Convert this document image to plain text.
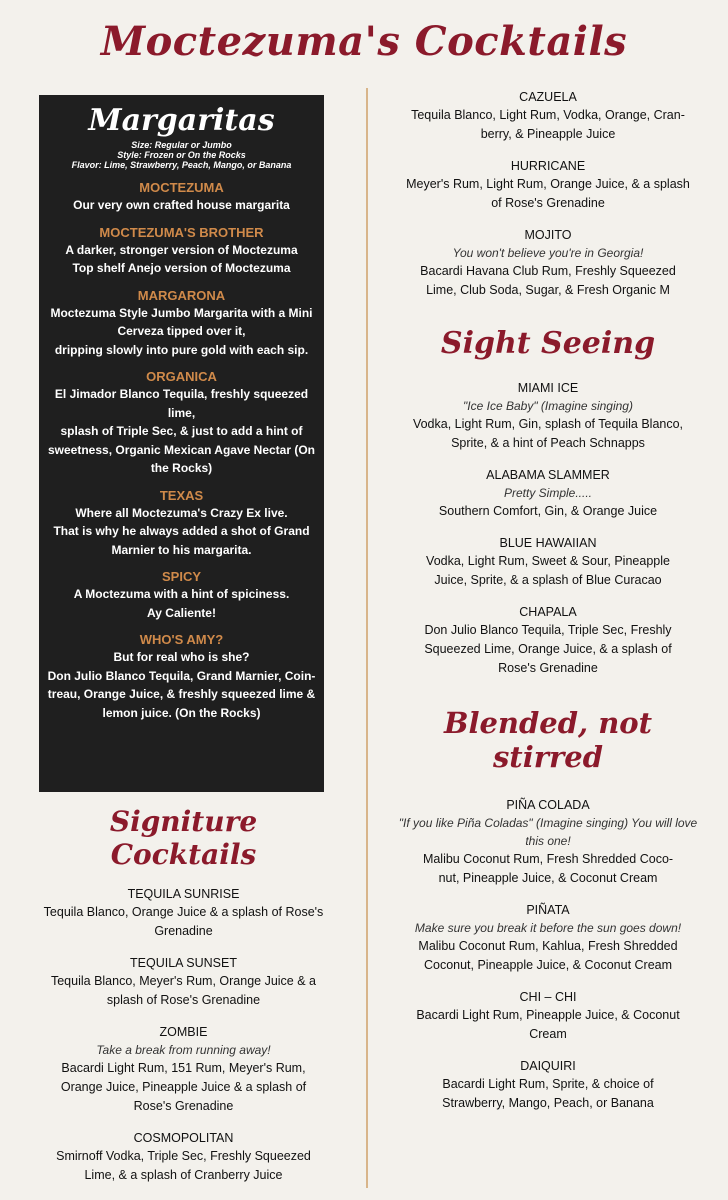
Moctezuma's Cocktails
Margaritas
Size: Regular or Jumbo
Style: Frozen or On the Rocks
Flavor: Lime, Strawberry, Peach, Mango, or Banana
MOCTEZUMA
Our very own crafted house margarita
MOCTEZUMA'S BROTHER
A darker, stronger version of Moctezuma
Top shelf Anejo version of Moctezuma
MARGARONA
Moctezuma Style Jumbo Margarita with a Mini
Cerveza tipped over it,
dripping slowly into pure gold with each sip.
ORGANICA
El Jimador Blanco Tequila, freshly squeezed lime,
splash of Triple Sec, & just to add a hint of
sweetness, Organic Mexican Agave Nectar (On
the Rocks)
TEXAS
Where all Moctezuma's Crazy Ex live.
That is why he always added a shot of Grand
Marnier to his margarita.
SPICY
A Moctezuma with a hint of spiciness.
Ay Caliente!
WHO'S AMY?
But for real who is she?
Don Julio Blanco Tequila, Grand Marnier, Coin-
treau, Orange Juice, & freshly squeezed lime &
lemon juice. (On the Rocks)
Signiture Cocktails
TEQUILA SUNRISE
Tequila Blanco, Orange Juice & a splash of Rose's
Grenadine
TEQUILA SUNSET
Tequila Blanco, Meyer's Rum, Orange Juice & a
splash of Rose's Grenadine
ZOMBIE
Take a break from running away!
Bacardi Light Rum, 151 Rum, Meyer's Rum,
Orange Juice, Pineapple Juice & a splash of
Rose's Grenadine
COSMOPOLITAN
Smirnoff Vodka, Triple Sec, Freshly Squeezed
Lime, & a splash of Cranberry Juice
CAZUELA
Tequila Blanco, Light Rum, Vodka, Orange, Cran-
berry, & Pineapple Juice
HURRICANE
Meyer's Rum, Light Rum, Orange Juice, & a splash
of Rose's Grenadine
MOJITO
You won't believe you're in Georgia!
Bacardi Havana Club Rum, Freshly Squeezed
Lime, Club Soda, Sugar, & Fresh Organic M
Sight Seeing
MIAMI ICE
"Ice Ice Baby" (Imagine singing)
Vodka, Light Rum, Gin, splash of Tequila Blanco,
Sprite, & a hint of Peach Schnapps
ALABAMA SLAMMER
Pretty Simple.....
Southern Comfort, Gin, & Orange Juice
BLUE HAWAIIAN
Vodka, Light Rum, Sweet & Sour, Pineapple
Juice, Sprite, & a splash of Blue Curacao
CHAPALA
Don Julio Blanco Tequila, Triple Sec, Freshly
Squeezed Lime, Orange Juice, & a splash of
Rose's Grenadine
Blended, not stirred
PIÑA COLADA
"If you like Piña Coladas" (Imagine singing) You will love this one!
Malibu Coconut Rum, Fresh Shredded Coco-
nut, Pineapple Juice, & Coconut Cream
PIÑATA
Make sure you break it before the sun goes down!
Malibu Coconut Rum, Kahlua, Fresh Shredded
Coconut, Pineapple Juice, & Coconut Cream
CHI – CHI
Bacardi Light Rum, Pineapple Juice, & Coconut
Cream
DAIQUIRI
Bacardi Light Rum, Sprite, & choice of
Strawberry, Mango, Peach, or Banana
